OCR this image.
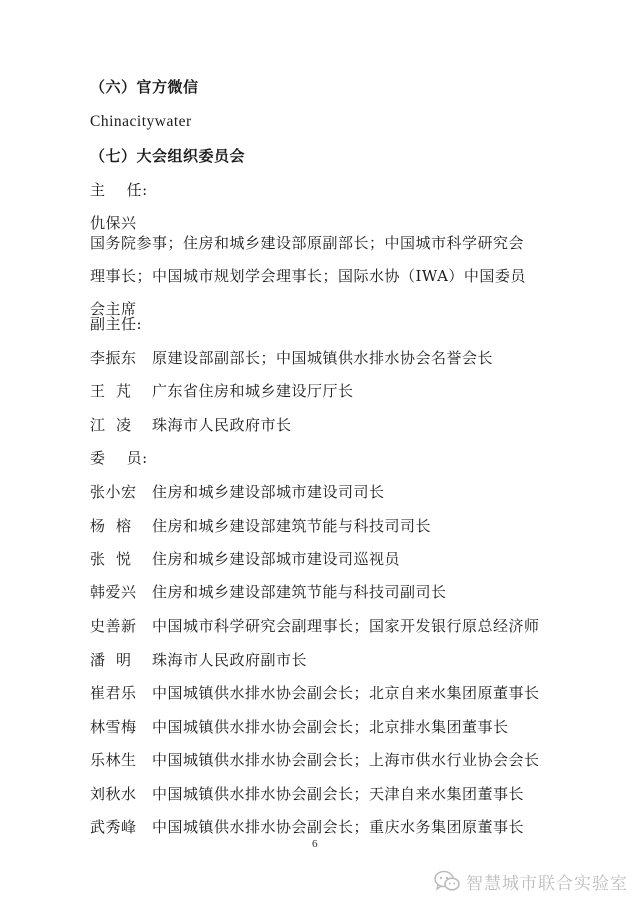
（六）官方微信
Chinacitywater
（七）大会组织委员会
主    任:
仇保兴
国务院参事；住房和城乡建设部原副部长；中国城市科学研究会
理事长；中国城市规划学会理事长；国际水协（IWA）中国委员
会主席
副主任:
李振东	原建设部副部长；中国城镇供水排水协会名誉会长
王  芃	广东省住房和城乡建设厅厅长
江  凌	珠海市人民政府市长
委    员:
张小宏	住房和城乡建设部城市建设司司长
杨  榕	住房和城乡建设部建筑节能与科技司司长
张  悦	住房和城乡建设部城市建设司巡视员
韩爱兴	住房和城乡建设部建筑节能与科技司副司长
史善新	中国城市科学研究会副理事长；国家开发银行原总经济师
潘  明	珠海市人民政府副市长
崔君乐	中国城镇供水排水协会副会长；北京自来水集团原董事长
林雪梅	中国城镇供水排水协会副会长；北京排水集团董事长
乐林生	中国城镇供水排水协会副会长；上海市供水行业协会会长
刘秋水	中国城镇供水排水协会副会长；天津自来水集团董事长
武秀峰	中国城镇供水排水协会副会长；重庆水务集团原董事长
6
智慧城市联合实验室
